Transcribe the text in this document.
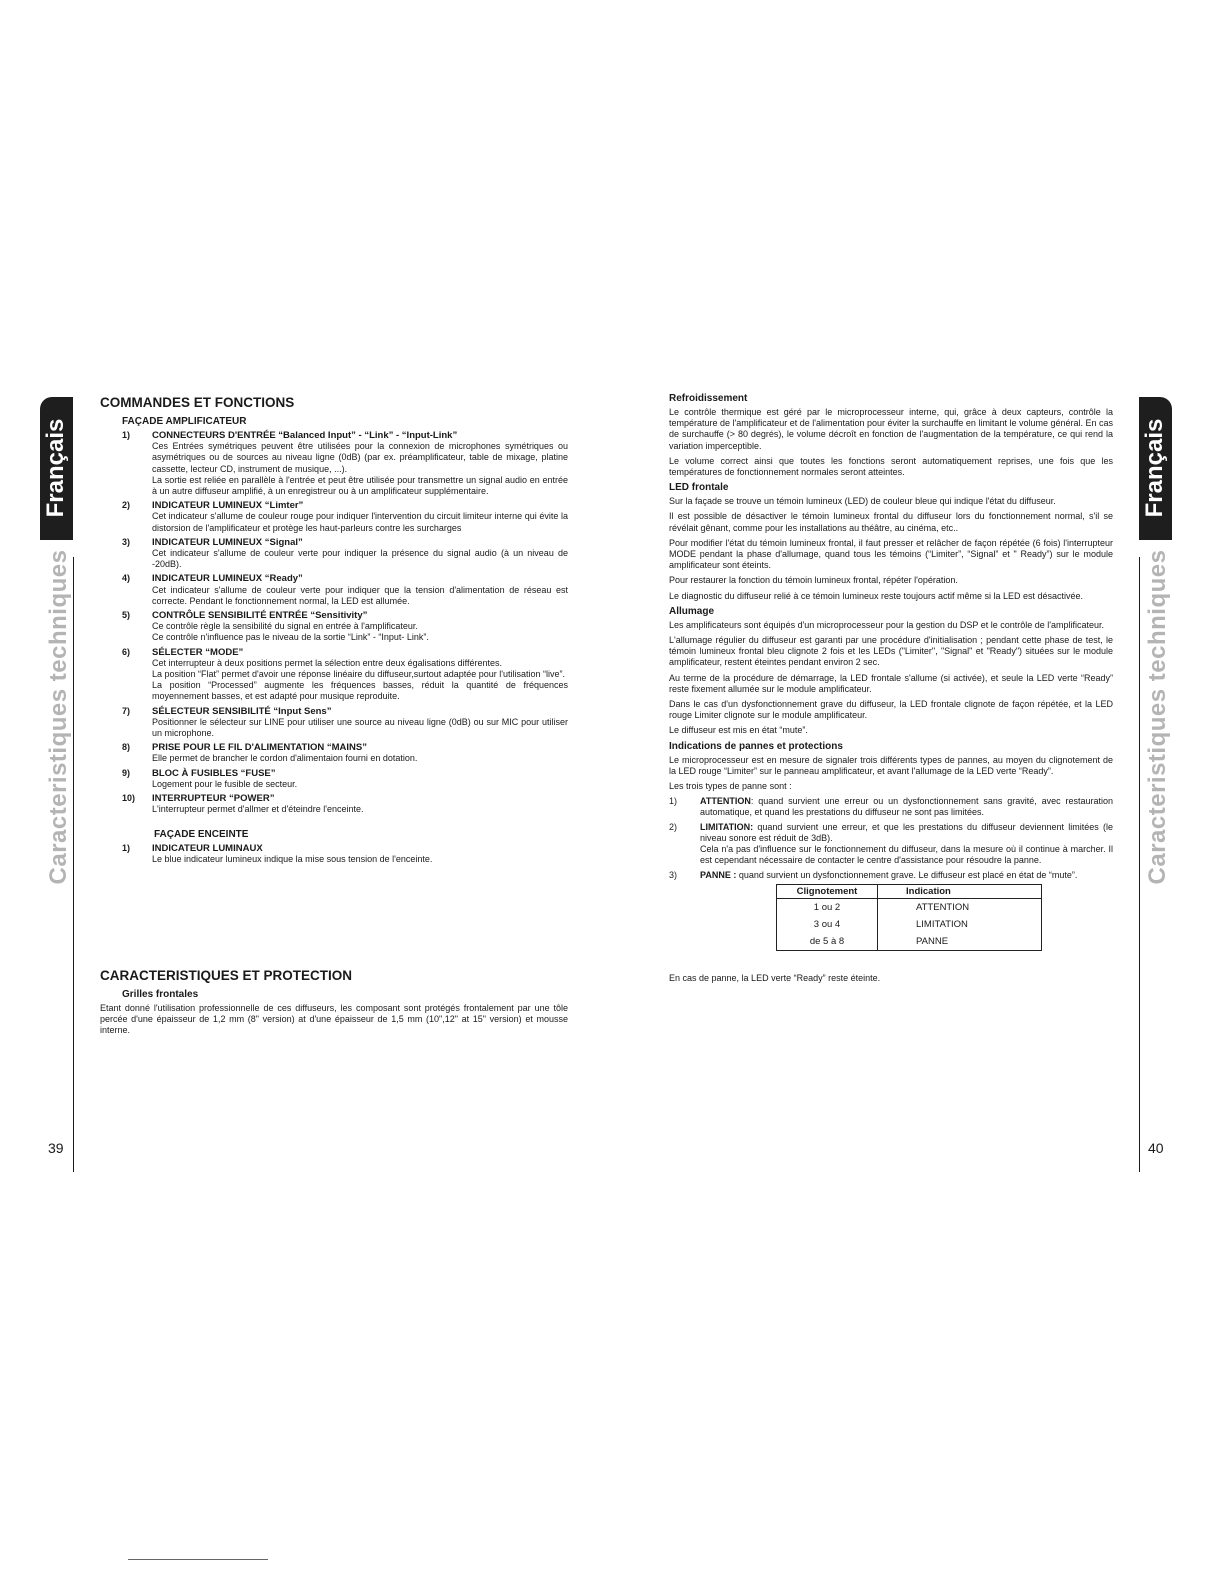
Français
Caracteristiques techniques
Français
Caracteristiques techniques
39	40
COMMANDES ET FONCTIONS
FAÇADE AMPLIFICATEUR
1)	CONNECTEURS D'ENTRÉE “Balanced Input” - “Link” - “Input-Link”
Ces Entrées symétriques peuvent être utilisées pour la connexion de microphones symétriques ou asymétriques ou de sources au niveau ligne (0dB) (par ex. préamplificateur, table de mixage, platine cassette, lecteur CD, instrument de musique, ...).
La sortie est reliée en parallèle à l'entrée et peut être utilisée pour transmettre un signal audio en entrée à un autre diffuseur amplifié, à un enregistreur ou à un amplificateur supplémentaire.
2)	INDICATEUR LUMINEUX “Limter”
Cet indicateur s'allume de couleur rouge pour indiquer l'intervention du circuit limiteur interne qui évite la distorsion de l'amplificateur et protège les haut-parleurs contre les surcharges
3)	INDICATEUR LUMINEUX “Signal”
Cet indicateur s'allume de couleur verte pour indiquer la présence du signal audio (à un niveau de -20dB).
4)	INDICATEUR LUMINEUX “Ready”
Cet indicateur s'allume de couleur verte pour indiquer que la tension d'alimentation de réseau est correcte. Pendant le fonctionnement normal, la LED est allumée.
5)	CONTRÔLE SENSIBILITÉ ENTRÉE “Sensitivity”
Ce contrôle règle la sensibilité du signal en entrée à l'amplificateur.
Ce contrôle n'influence pas le niveau de la sortie “Link” - “Input- Link”.
6)	SÉLECTER “MODE”
Cet interrupteur à deux positions permet la sélection entre deux égalisations différentes.
La position “Flat” permet d'avoir une réponse linéaire du diffuseur,surtout adaptée pour l'utilisation “live”.
La position “Processed” augmente les fréquences basses, réduit la quantité de fréquences moyennement basses, et est adapté pour musique reproduite.
7)	SÉLECTEUR SENSIBILITÉ “Input Sens”
Positionner le sélecteur sur LINE pour utiliser une source au niveau ligne (0dB) ou sur MIC pour utiliser un microphone.
8)	PRISE POUR LE FIL D'ALIMENTATION “MAINS”
Elle permet de brancher le cordon d'alimentaion fourni en dotation.
9)	BLOC À FUSIBLES “FUSE”
Logement pour le fusible de secteur.
10)	INTERRUPTEUR “POWER”
L'interrupteur permet d'allmer et d'éteindre l'enceinte.
FAÇADE ENCEINTE
1)	INDICATEUR LUMINAUX
Le blue indicateur lumineux indique la mise sous tension de l'enceinte.
CARACTERISTIQUES ET PROTECTION
Grilles frontales

Etant donné l'utilisation professionnelle de ces diffuseurs, les composant sont protégés frontalement par une tôle percée d'une épaisseur de 1,2 mm (8" version) at d'une épaisseur de 1,5 mm (10",12" at 15" version) et mousse interne.

Refroidissement

Le contrôle thermique est géré par le microprocesseur interne, qui, grâce à deux capteurs, contrôle la température de l'amplificateur et de l'alimentation pour éviter la surchauffe en limitant le volume général. En cas de surchauffe (> 80 degrés), le volume décroît en fonction de l'augmentation de la température, ce qui rend la variation imperceptible.

Le volume correct ainsi que toutes les fonctions seront automatiquement reprises, une fois que les températures de fonctionnement normales seront atteintes.

LED frontale

Sur la façade se trouve un témoin lumineux (LED) de couleur bleue qui indique l'état du diffuseur.

Il est possible de désactiver le témoin lumineux frontal du diffuseur lors du fonctionnement normal, s'il se révélait gênant, comme pour les installations au théâtre, au cinéma, etc..

Pour modifier l'état du témoin lumineux frontal, il faut presser et relâcher de façon répétée (6 fois) l'interrupteur MODE pendant la phase d'allumage, quand tous les témoins (“Limiter”, “Signal” et " Ready”) sur le module amplificateur sont éteints.

Pour restaurer la fonction du témoin lumineux frontal, répéter l'opération.

Le diagnostic du diffuseur relié à ce témoin lumineux reste toujours actif même si la LED est désactivée.

Allumage

Les amplificateurs sont équipés d'un microprocesseur pour la gestion du DSP et le contrôle de l'amplificateur.

L'allumage régulier du diffuseur est garanti par une procédure d'initialisation ; pendant cette phase de test, le témoin lumineux frontal bleu clignote 2 fois et les LEDs ("Limiter", "Signal" et "Ready") situées sur le module amplificateur, restent éteintes pendant environ 2 sec.

Au terme de la procédure de démarrage, la LED frontale s'allume (si activée), et seule la LED verte “Ready” reste fixement allumée sur le module amplificateur.

Dans le cas d'un dysfonctionnement grave du diffuseur, la LED frontale clignote de façon répétée, et la LED rouge Limiter clignote sur le module amplificateur.

Le diffuseur est mis en état “mute”.

Indications de pannes et protections

Le microprocesseur est en mesure de signaler trois différents types de pannes, au moyen du clignotement de la LED rouge “Limiter” sur le panneau amplificateur, et avant l'allumage de la LED verte “Ready”.

Les trois types de panne sont :

1)	ATTENTION: quand survient une erreur ou un dysfonctionnement sans gravité, avec restauration automatique, et quand les prestations du diffuseur ne sont pas limitées.
2)	LIMITATION: quand survient une erreur, et que les prestations du diffuseur deviennent limitées (le niveau sonore est réduit de 3dB).
Cela n'a pas d'influence sur le fonctionnement du diffuseur, dans la mesure où il continue à marcher. Il est cependant nécessaire de contacter le centre d'assistance pour résoudre la panne.
3)	PANNE : quand survient un dysfonctionnement grave. Le diffuseur est placé en état de “mute”.
Clignotement	Indication
1 ou 2	ATTENTION
3 ou 4	LIMITATION
de 5 à 8	PANNE

En cas de panne, la LED verte “Ready” reste éteinte.
